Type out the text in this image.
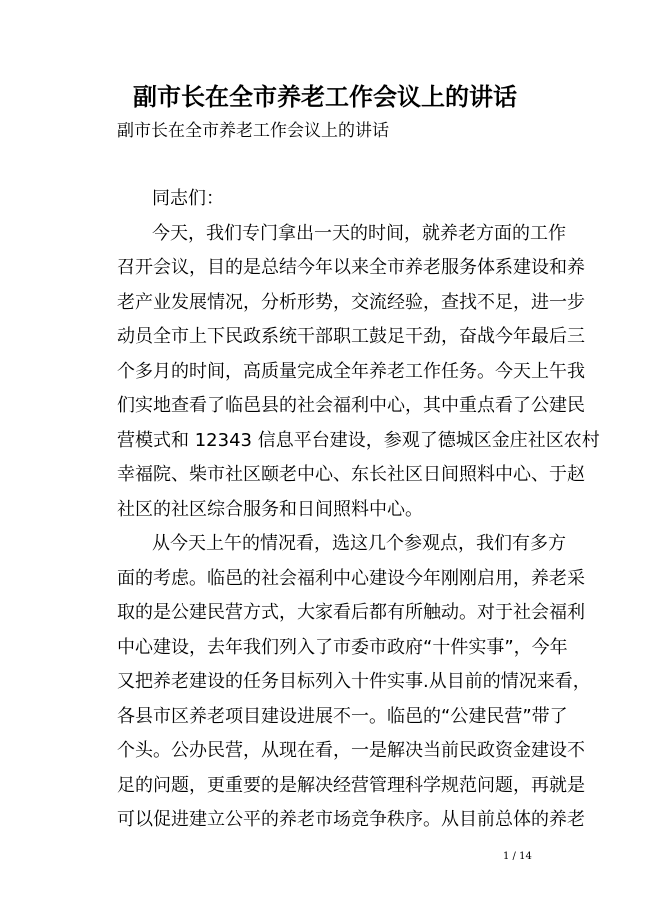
副市长在全市养老工作会议上的讲话
副市长在全市养老工作会议上的讲话
同志们：
今天，我们专门拿出一天的时间，就养老方面的工作
召开会议，目的是总结今年以来全市养老服务体系建设和养
老产业发展情况，分析形势，交流经验，查找不足，进一步
动员全市上下民政系统干部职工鼓足干劲，奋战今年最后三
个多月的时间，高质量完成全年养老工作任务。今天上午我
们实地查看了临邑县的社会福利中心，其中重点看了公建民
营模式和 12343 信息平台建设，参观了德城区金庄社区农村
幸福院、柴市社区颐老中心、东长社区日间照料中心、于赵
社区的社区综合服务和日间照料中心。
从今天上午的情况看，选这几个参观点，我们有多方
面的考虑。临邑的社会福利中心建设今年刚刚启用，养老采
取的是公建民营方式，大家看后都有所触动。对于社会福利
中心建设，去年我们列入了市委市政府“十件实事”，今年
又把养老建设的任务目标列入十件实事.从目前的情况来看，
各县市区养老项目建设进展不一。临邑的“公建民营”带了
个头。公办民营，从现在看，一是解决当前民政资金建设不
足的问题，更重要的是解决经营管理科学规范问题，再就是
可以促进建立公平的养老市场竞争秩序。从目前总体的养老
1 / 14
